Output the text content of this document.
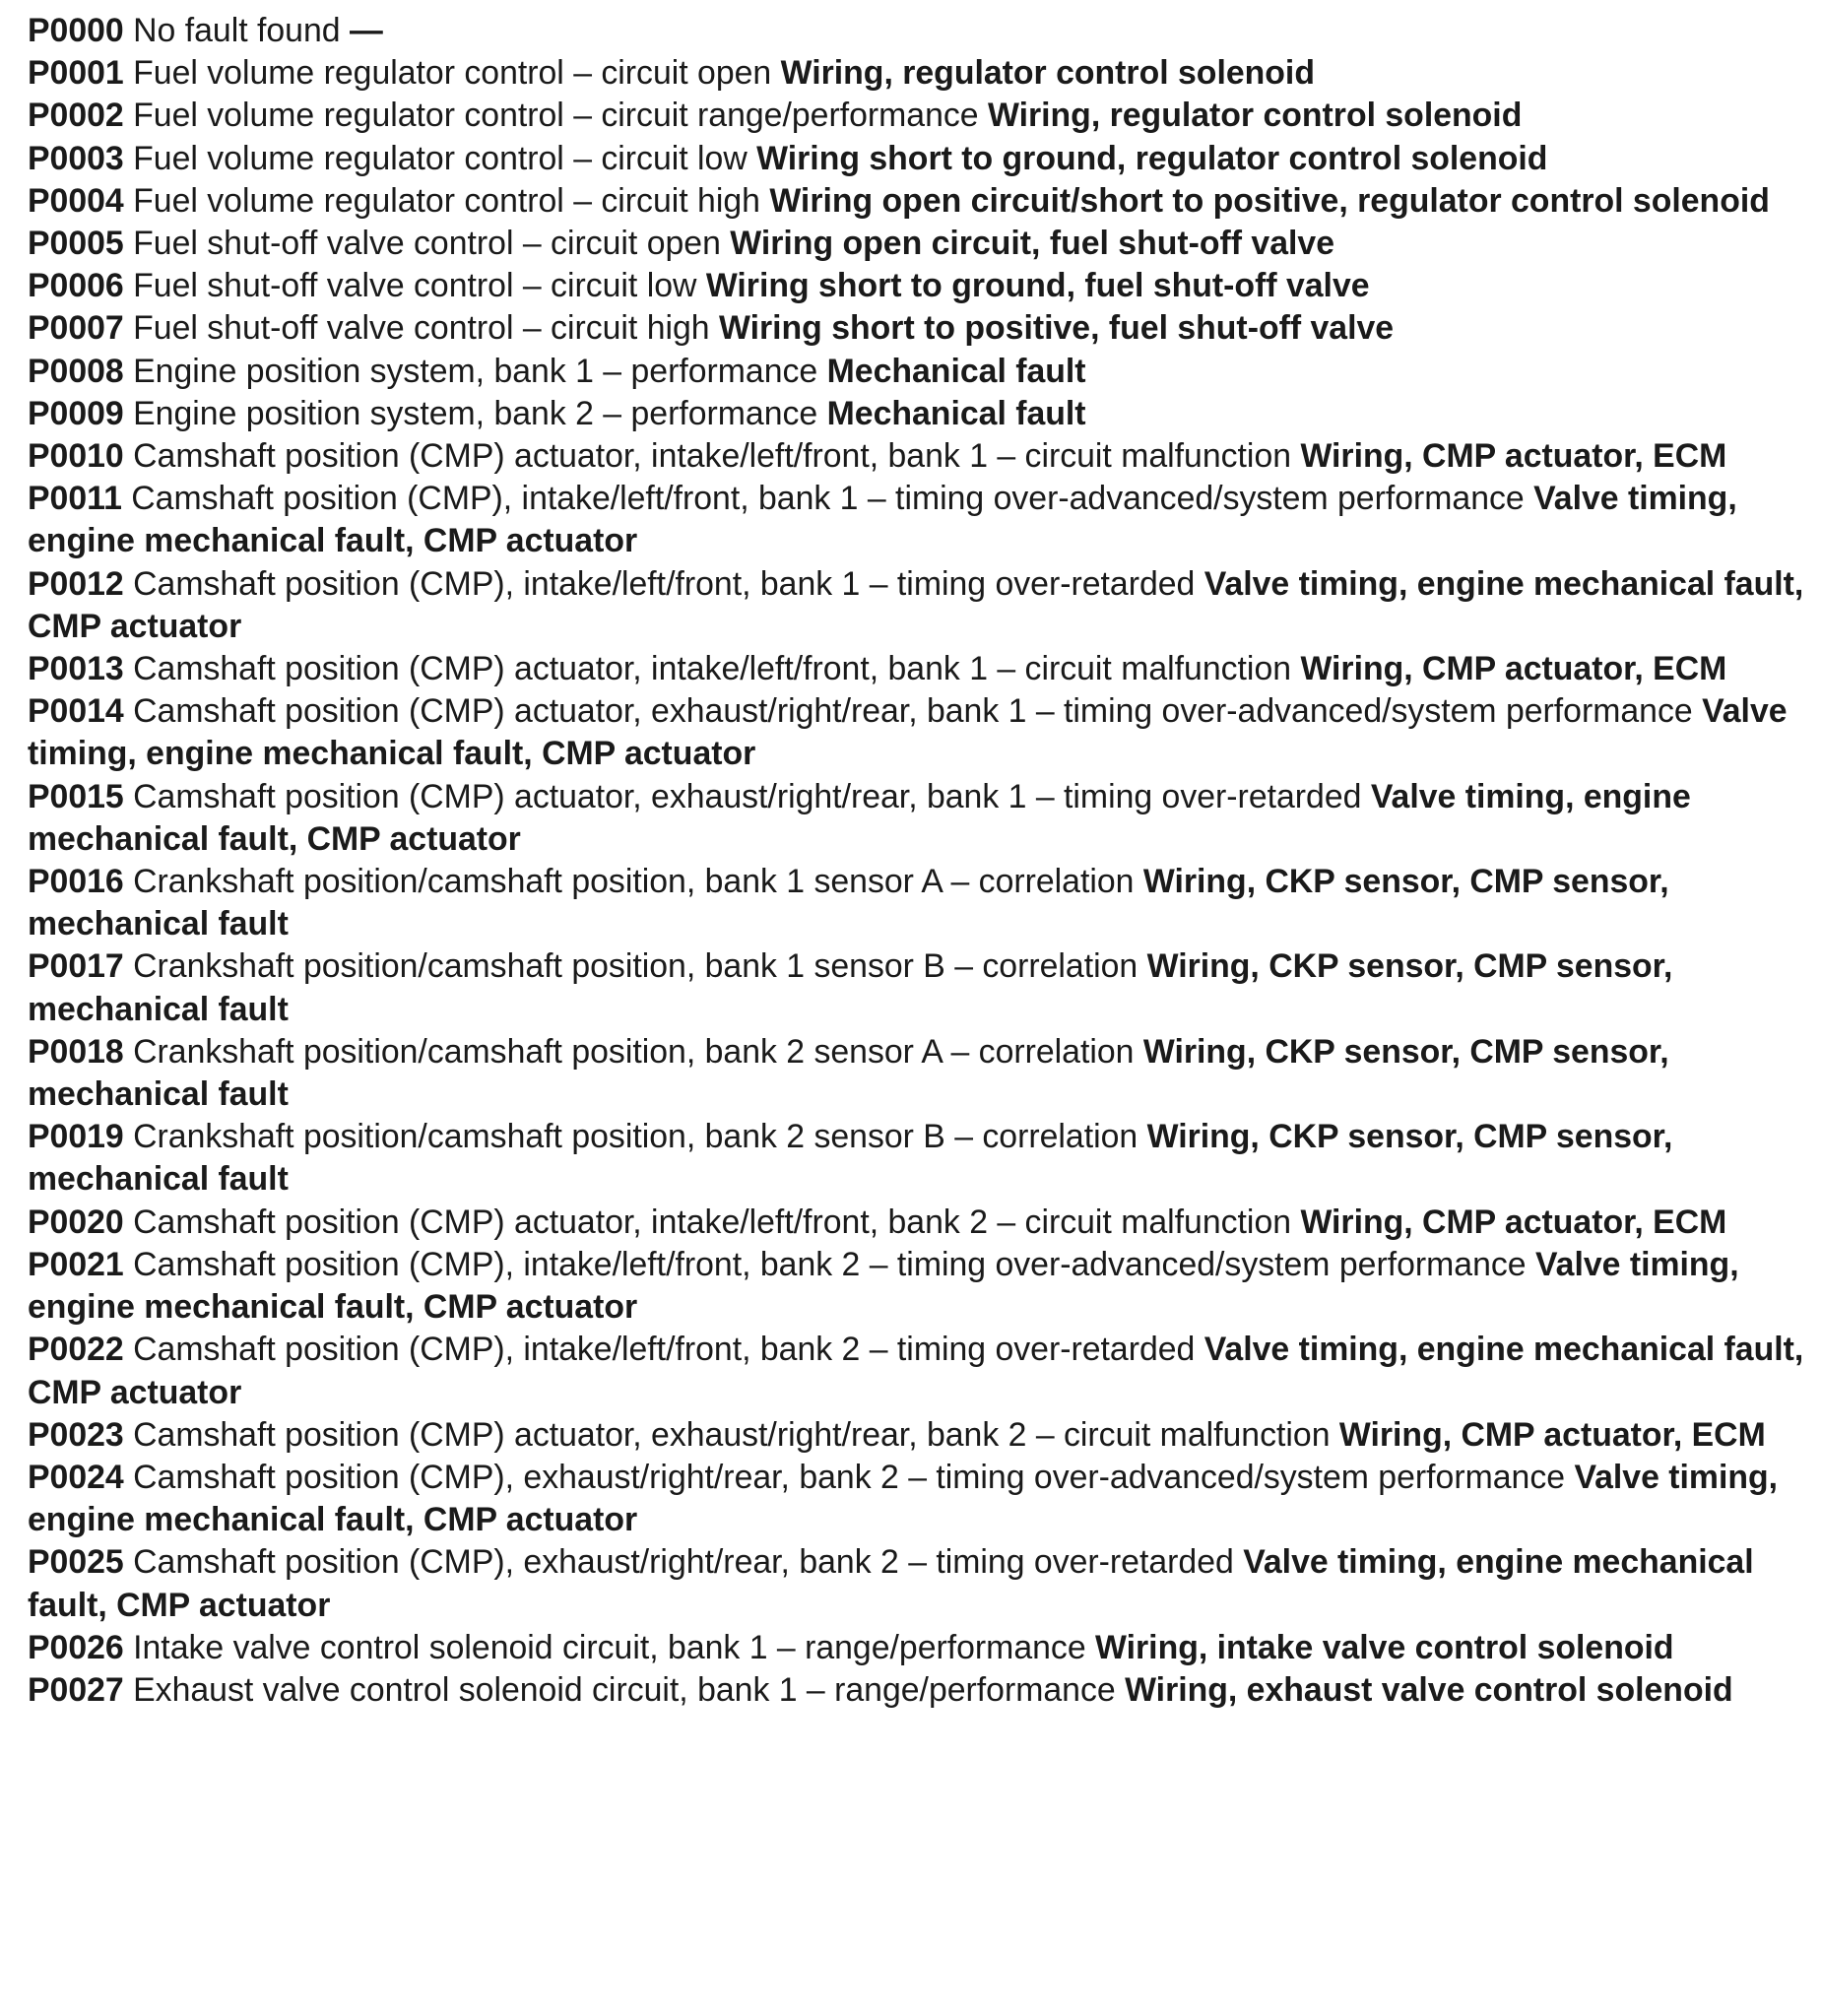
P0000 No fault found —

P0001 Fuel volume regulator control – circuit open Wiring, regulator control solenoid

P0002 Fuel volume regulator control – circuit range/performance Wiring, regulator control solenoid

P0003 Fuel volume regulator control – circuit low Wiring short to ground, regulator control solenoid

P0004 Fuel volume regulator control – circuit high Wiring open circuit/short to positive, regulator control solenoid

P0005 Fuel shut-off valve control – circuit open Wiring open circuit, fuel shut-off valve

P0006 Fuel shut-off valve control – circuit low Wiring short to ground, fuel shut-off valve

P0007 Fuel shut-off valve control – circuit high Wiring short to positive, fuel shut-off valve

P0008 Engine position system, bank 1 – performance Mechanical fault

P0009 Engine position system, bank 2 – performance Mechanical fault

P0010 Camshaft position (CMP) actuator, intake/left/front, bank 1 – circuit malfunction Wiring, CMP actuator, ECM

P0011 Camshaft position (CMP), intake/left/front, bank 1 – timing over-advanced/system performance Valve timing, engine mechanical fault, CMP actuator

P0012 Camshaft position (CMP), intake/left/front, bank 1 – timing over-retarded Valve timing, engine mechanical fault, CMP actuator

P0013 Camshaft position (CMP) actuator, intake/left/front, bank 1 – circuit malfunction Wiring, CMP actuator, ECM

P0014 Camshaft position (CMP) actuator, exhaust/right/rear, bank 1 – timing over-advanced/system performance Valve timing, engine mechanical fault, CMP actuator

P0015 Camshaft position (CMP) actuator, exhaust/right/rear, bank 1 – timing over-retarded Valve timing, engine mechanical fault, CMP actuator

P0016 Crankshaft position/camshaft position, bank 1 sensor A – correlation Wiring, CKP sensor, CMP sensor, mechanical fault

P0017 Crankshaft position/camshaft position, bank 1 sensor B – correlation Wiring, CKP sensor, CMP sensor, mechanical fault

P0018 Crankshaft position/camshaft position, bank 2 sensor A – correlation Wiring, CKP sensor, CMP sensor, mechanical fault

P0019 Crankshaft position/camshaft position, bank 2 sensor B – correlation Wiring, CKP sensor, CMP sensor, mechanical fault

P0020 Camshaft position (CMP) actuator, intake/left/front, bank 2 – circuit malfunction Wiring, CMP actuator, ECM

P0021 Camshaft position (CMP), intake/left/front, bank 2 – timing over-advanced/system performance Valve timing, engine mechanical fault, CMP actuator

P0022 Camshaft position (CMP), intake/left/front, bank 2 – timing over-retarded Valve timing, engine mechanical fault, CMP actuator

P0023 Camshaft position (CMP) actuator, exhaust/right/rear, bank 2 – circuit malfunction Wiring, CMP actuator, ECM

P0024 Camshaft position (CMP), exhaust/right/rear, bank 2 – timing over-advanced/system performance Valve timing, engine mechanical fault, CMP actuator

P0025 Camshaft position (CMP), exhaust/right/rear, bank 2 – timing over-retarded Valve timing, engine mechanical fault, CMP actuator

P0026 Intake valve control solenoid circuit, bank 1 – range/performance Wiring, intake valve control solenoid

P0027 Exhaust valve control solenoid circuit, bank 1 – range/performance Wiring, exhaust valve control solenoid
